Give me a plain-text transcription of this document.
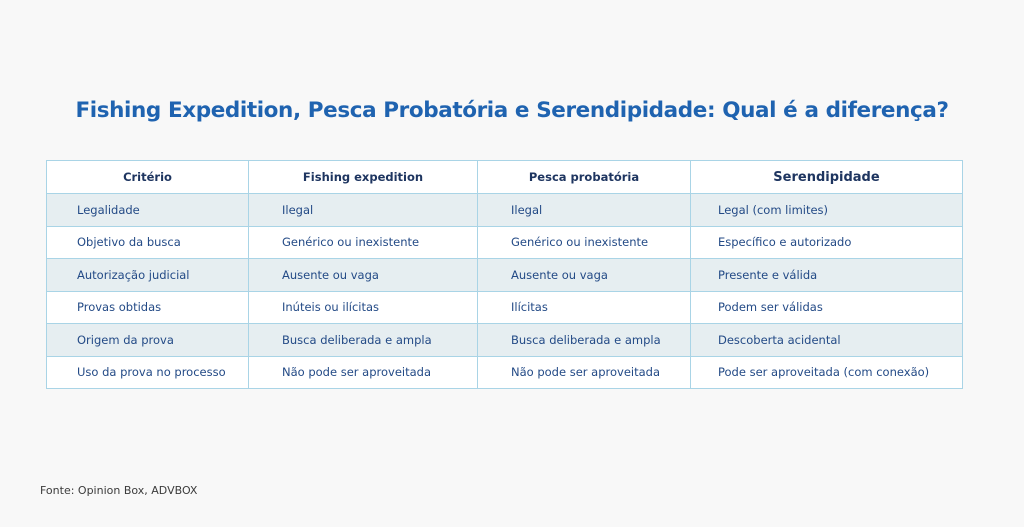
Fishing Expedition, Pesca Probatória e Serendipidade: Qual é a diferença?
Critério	Fishing expedition	Pesca probatória	Serendipidade
Legalidade	Ilegal	Ilegal	Legal (com limites)
Objetivo da busca	Genérico ou inexistente	Genérico ou inexistente	Específico e autorizado
Autorização judicial	Ausente ou vaga	Ausente ou vaga	Presente e válida
Provas obtidas	Inúteis ou ilícitas	Ilícitas	Podem ser válidas
Origem da prova	Busca deliberada e ampla	Busca deliberada e ampla	Descoberta acidental
Uso da prova no processo	Não pode ser aproveitada	Não pode ser aproveitada	Pode ser aproveitada (com conexão)
Fonte: Opinion Box, ADVBOX
